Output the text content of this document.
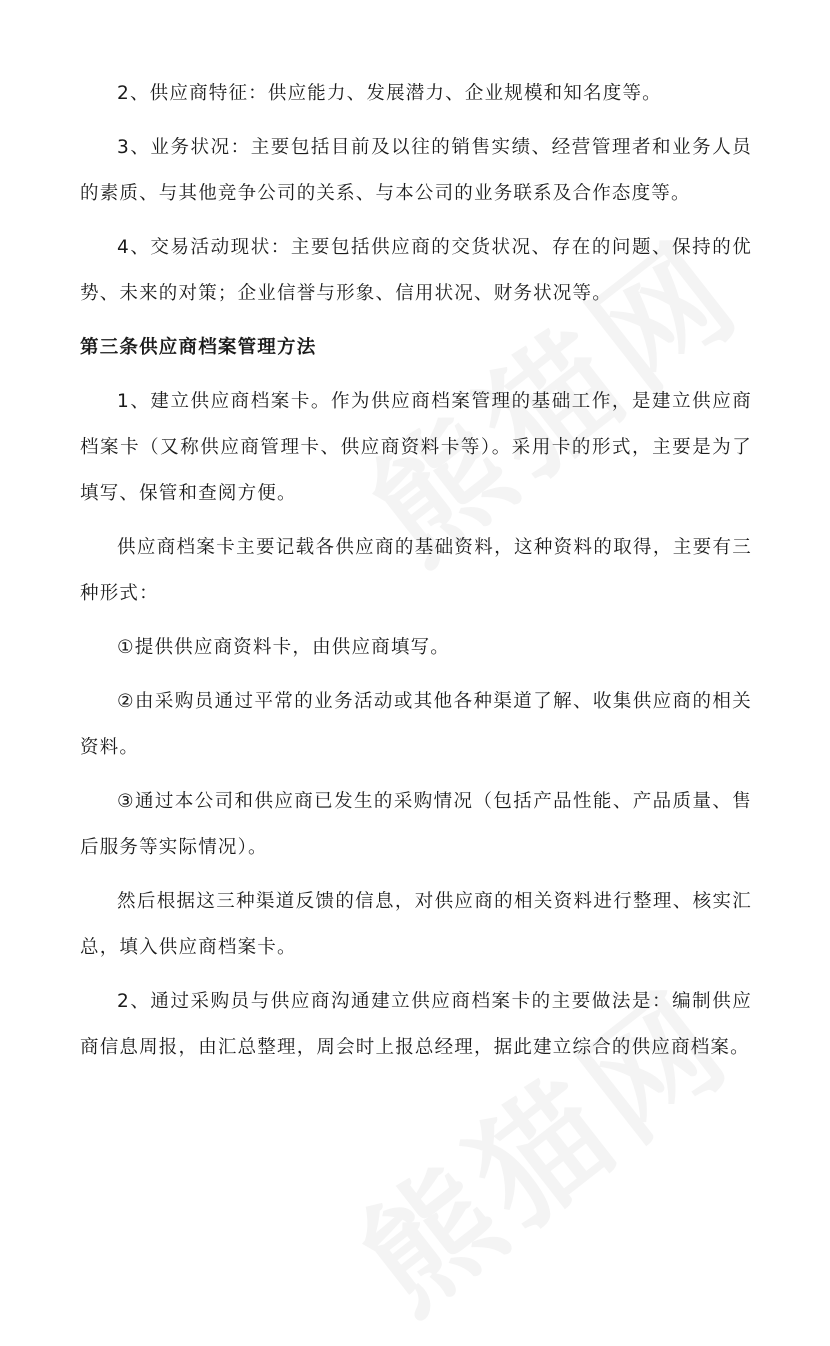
2、供应商特征：供应能力、发展潜力、企业规模和知名度等。

3、业务状况：主要包括目前及以往的销售实绩、经营管理者和业务人员的素质、与其他竞争公司的关系、与本公司的业务联系及合作态度等。

4、交易活动现状：主要包括供应商的交货状况、存在的问题、保持的优势、未来的对策；企业信誉与形象、信用状况、财务状况等。

第三条供应商档案管理方法

1、建立供应商档案卡。作为供应商档案管理的基础工作，是建立供应商档案卡（又称供应商管理卡、供应商资料卡等）。采用卡的形式，主要是为了填写、保管和查阅方便。

供应商档案卡主要记载各供应商的基础资料，这种资料的取得，主要有三种形式：

①提供供应商资料卡，由供应商填写。

②由采购员通过平常的业务活动或其他各种渠道了解、收集供应商的相关资料。

③通过本公司和供应商已发生的采购情况（包括产品性能、产品质量、售后服务等实际情况）。

然后根据这三种渠道反馈的信息，对供应商的相关资料进行整理、核实汇总，填入供应商档案卡。

2、通过采购员与供应商沟通建立供应商档案卡的主要做法是：编制供应商信息周报，由汇总整理，周会时上报总经理，据此建立综合的供应商档案。
